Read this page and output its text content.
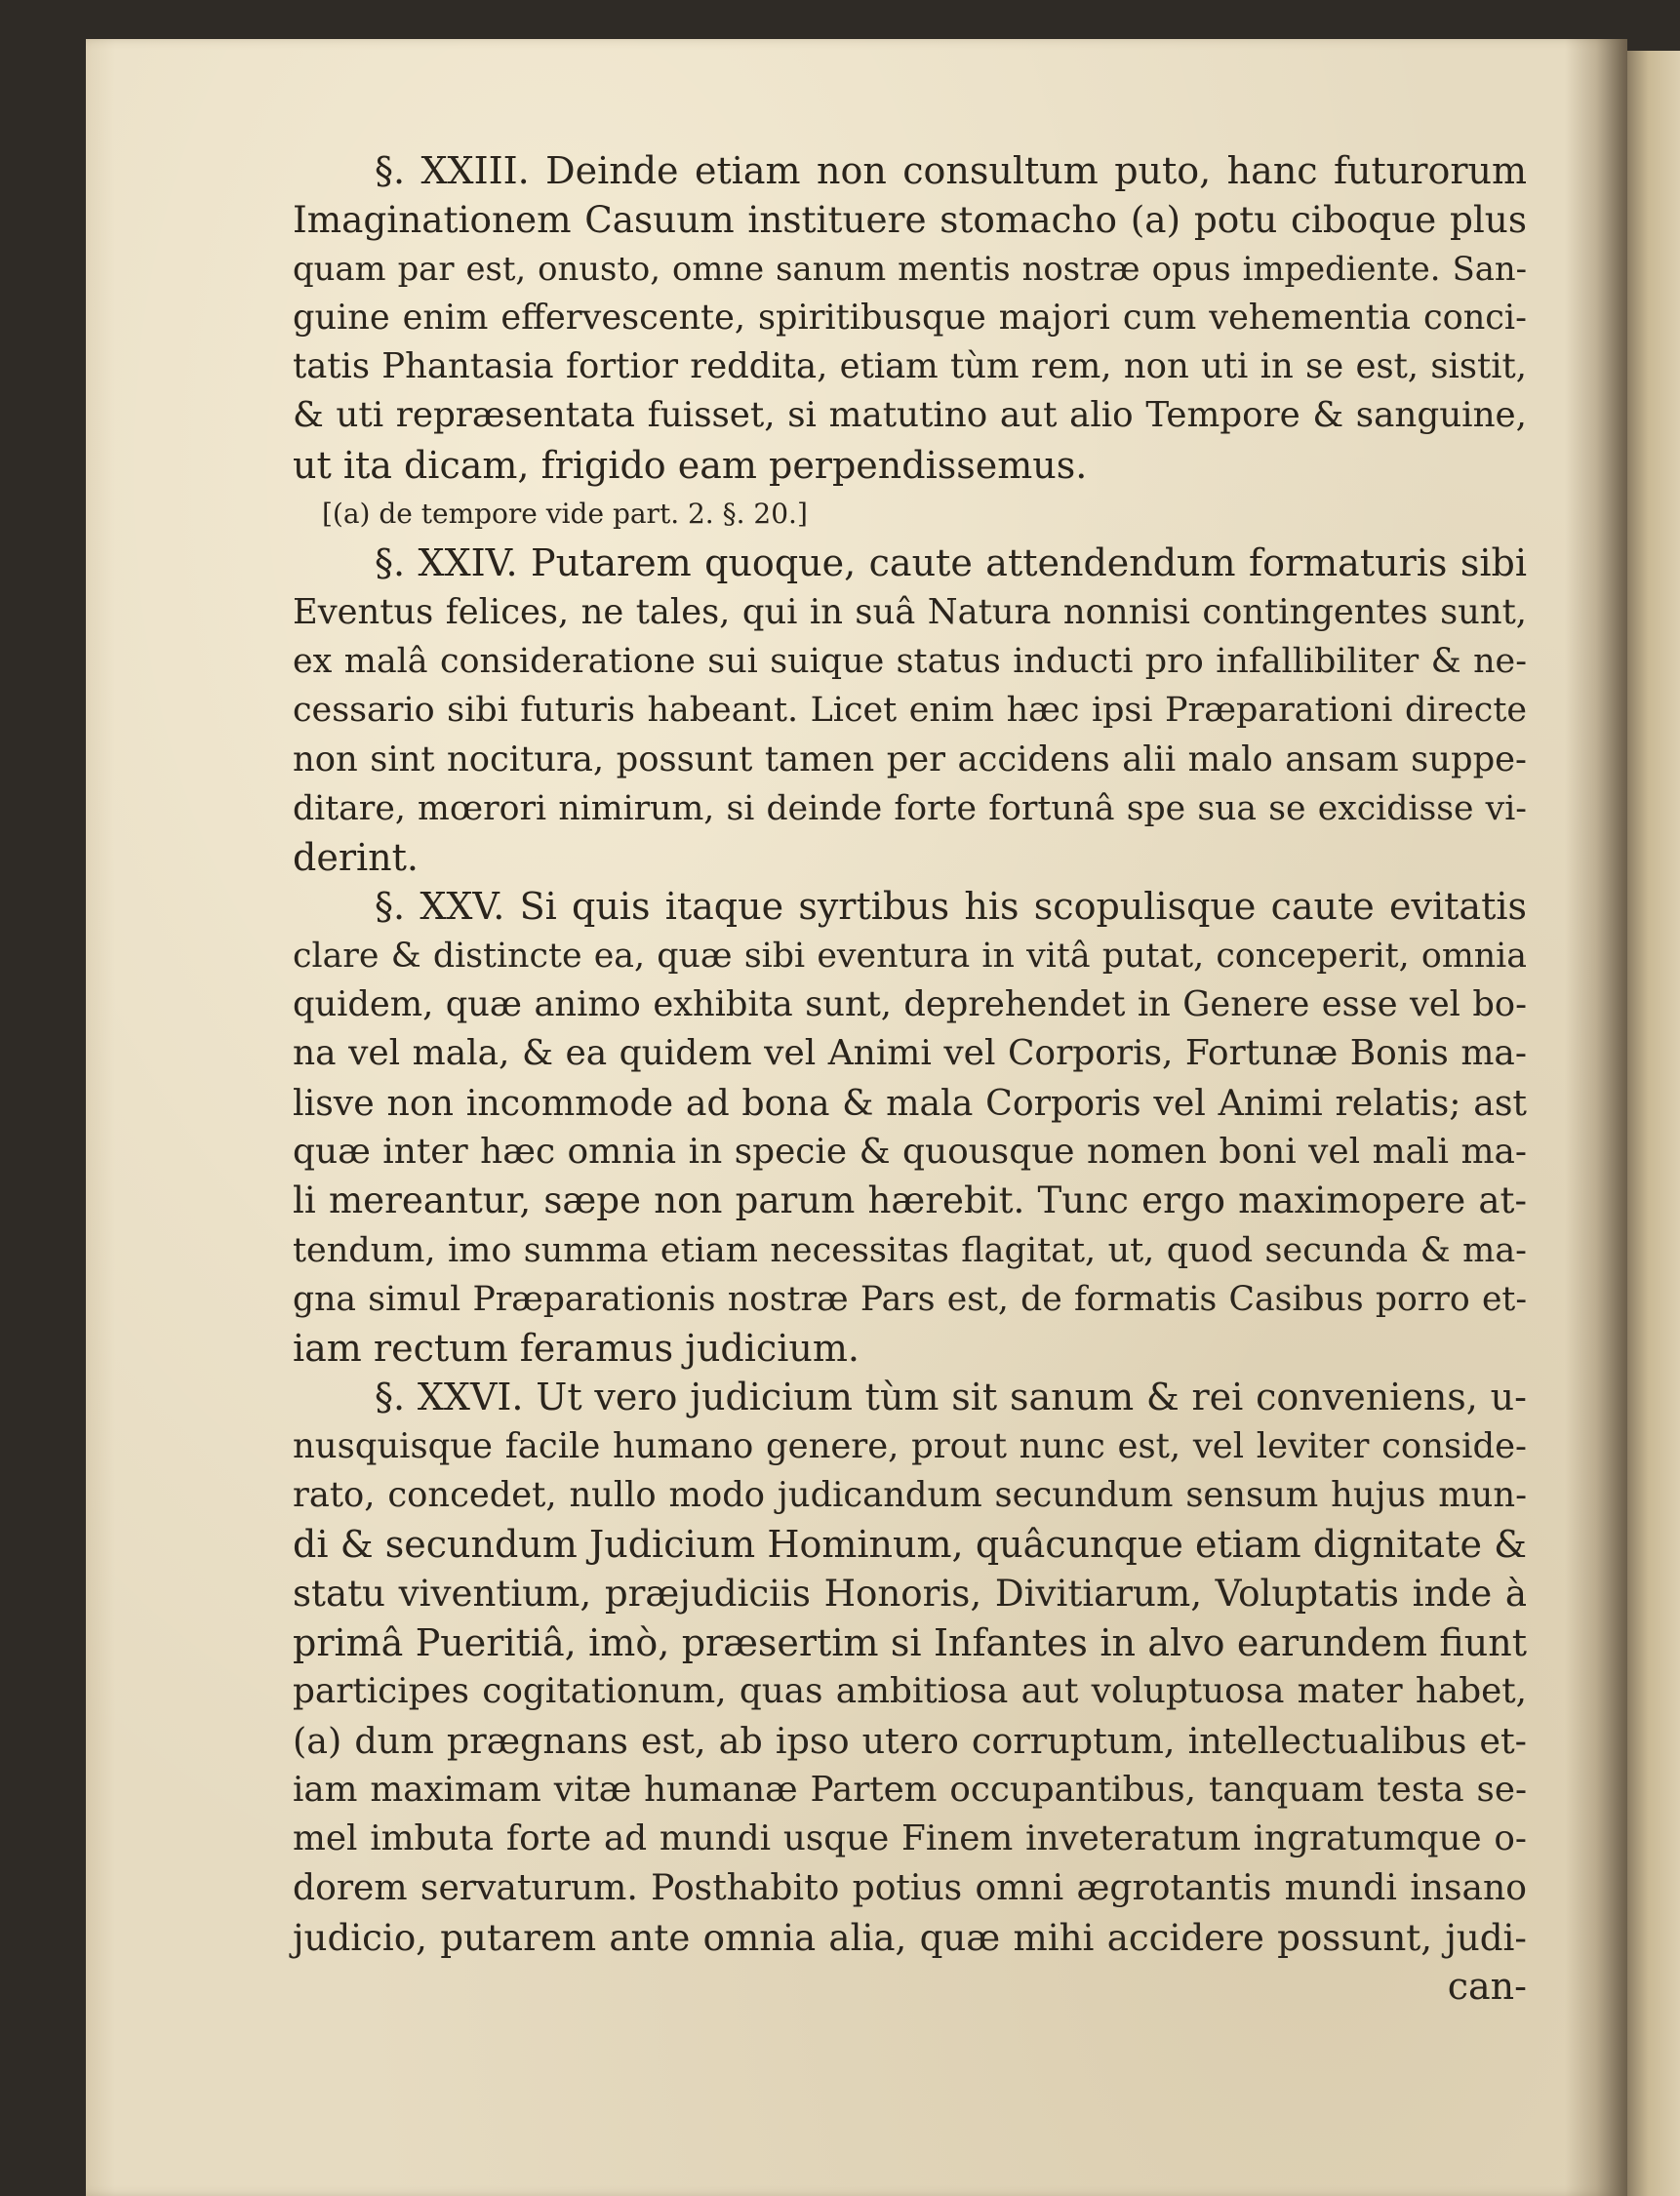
§. XXIII. Deinde etiam non consultum puto, hanc futurorum
Imaginationem Casuum instituere stomacho (a) potu ciboque plus
quam par est, onusto, omne sanum mentis nostræ opus impediente. San-
guine enim effervescente, spiritibusque majori cum vehementia conci-
tatis Phantasia fortior reddita, etiam tùm rem, non uti in se est, sistit,
& uti repræsentata fuisset, si matutino aut alio Tempore & sanguine,
ut ita dicam, frigido eam perpendissemus.
[(a) de tempore vide part. 2. §. 20.]
§. XXIV. Putarem quoque, caute attendendum formaturis sibi
Eventus felices, ne tales, qui in suâ Natura nonnisi contingentes sunt,
ex malâ consideratione sui suique status inducti pro infallibiliter & ne-
cessario sibi futuris habeant. Licet enim hæc ipsi Præparationi directe
non sint nocitura, possunt tamen per accidens alii malo ansam suppe-
ditare, mœrori nimirum, si deinde forte fortunâ spe sua se excidisse vi-
derint.
§. XXV. Si quis itaque syrtibus his scopulisque caute evitatis
clare & distincte ea, quæ sibi eventura in vitâ putat, conceperit, omnia
quidem, quæ animo exhibita sunt, deprehendet in Genere esse vel bo-
na vel mala, & ea quidem vel Animi vel Corporis, Fortunæ Bonis ma-
lisve non incommode ad bona & mala Corporis vel Animi relatis; ast
quæ inter hæc omnia in specie & quousque nomen boni vel mali ma-
li mereantur, sæpe non parum hærebit. Tunc ergo maximopere at-
tendum, imo summa etiam necessitas flagitat, ut, quod secunda & ma-
gna simul Præparationis nostræ Pars est, de formatis Casibus porro et-
iam rectum feramus judicium.
§. XXVI. Ut vero judicium tùm sit sanum & rei conveniens, u-
nusquisque facile humano genere, prout nunc est, vel leviter conside-
rato, concedet, nullo modo judicandum secundum sensum hujus mun-
di & secundum Judicium Hominum, quâcunque etiam dignitate &
statu viventium, præjudiciis Honoris, Divitiarum, Voluptatis inde à
primâ Pueritiâ, imò, præsertim si Infantes in alvo earundem fiunt
participes cogitationum, quas ambitiosa aut voluptuosa mater habet,
(a) dum prægnans est, ab ipso utero corruptum, intellectualibus et-
iam maximam vitæ humanæ Partem occupantibus, tanquam testa se-
mel imbuta forte ad mundi usque Finem inveteratum ingratumque o-
dorem servaturum. Posthabito potius omni ægrotantis mundi insano
judicio, putarem ante omnia alia, quæ mihi accidere possunt, judi-
can-
